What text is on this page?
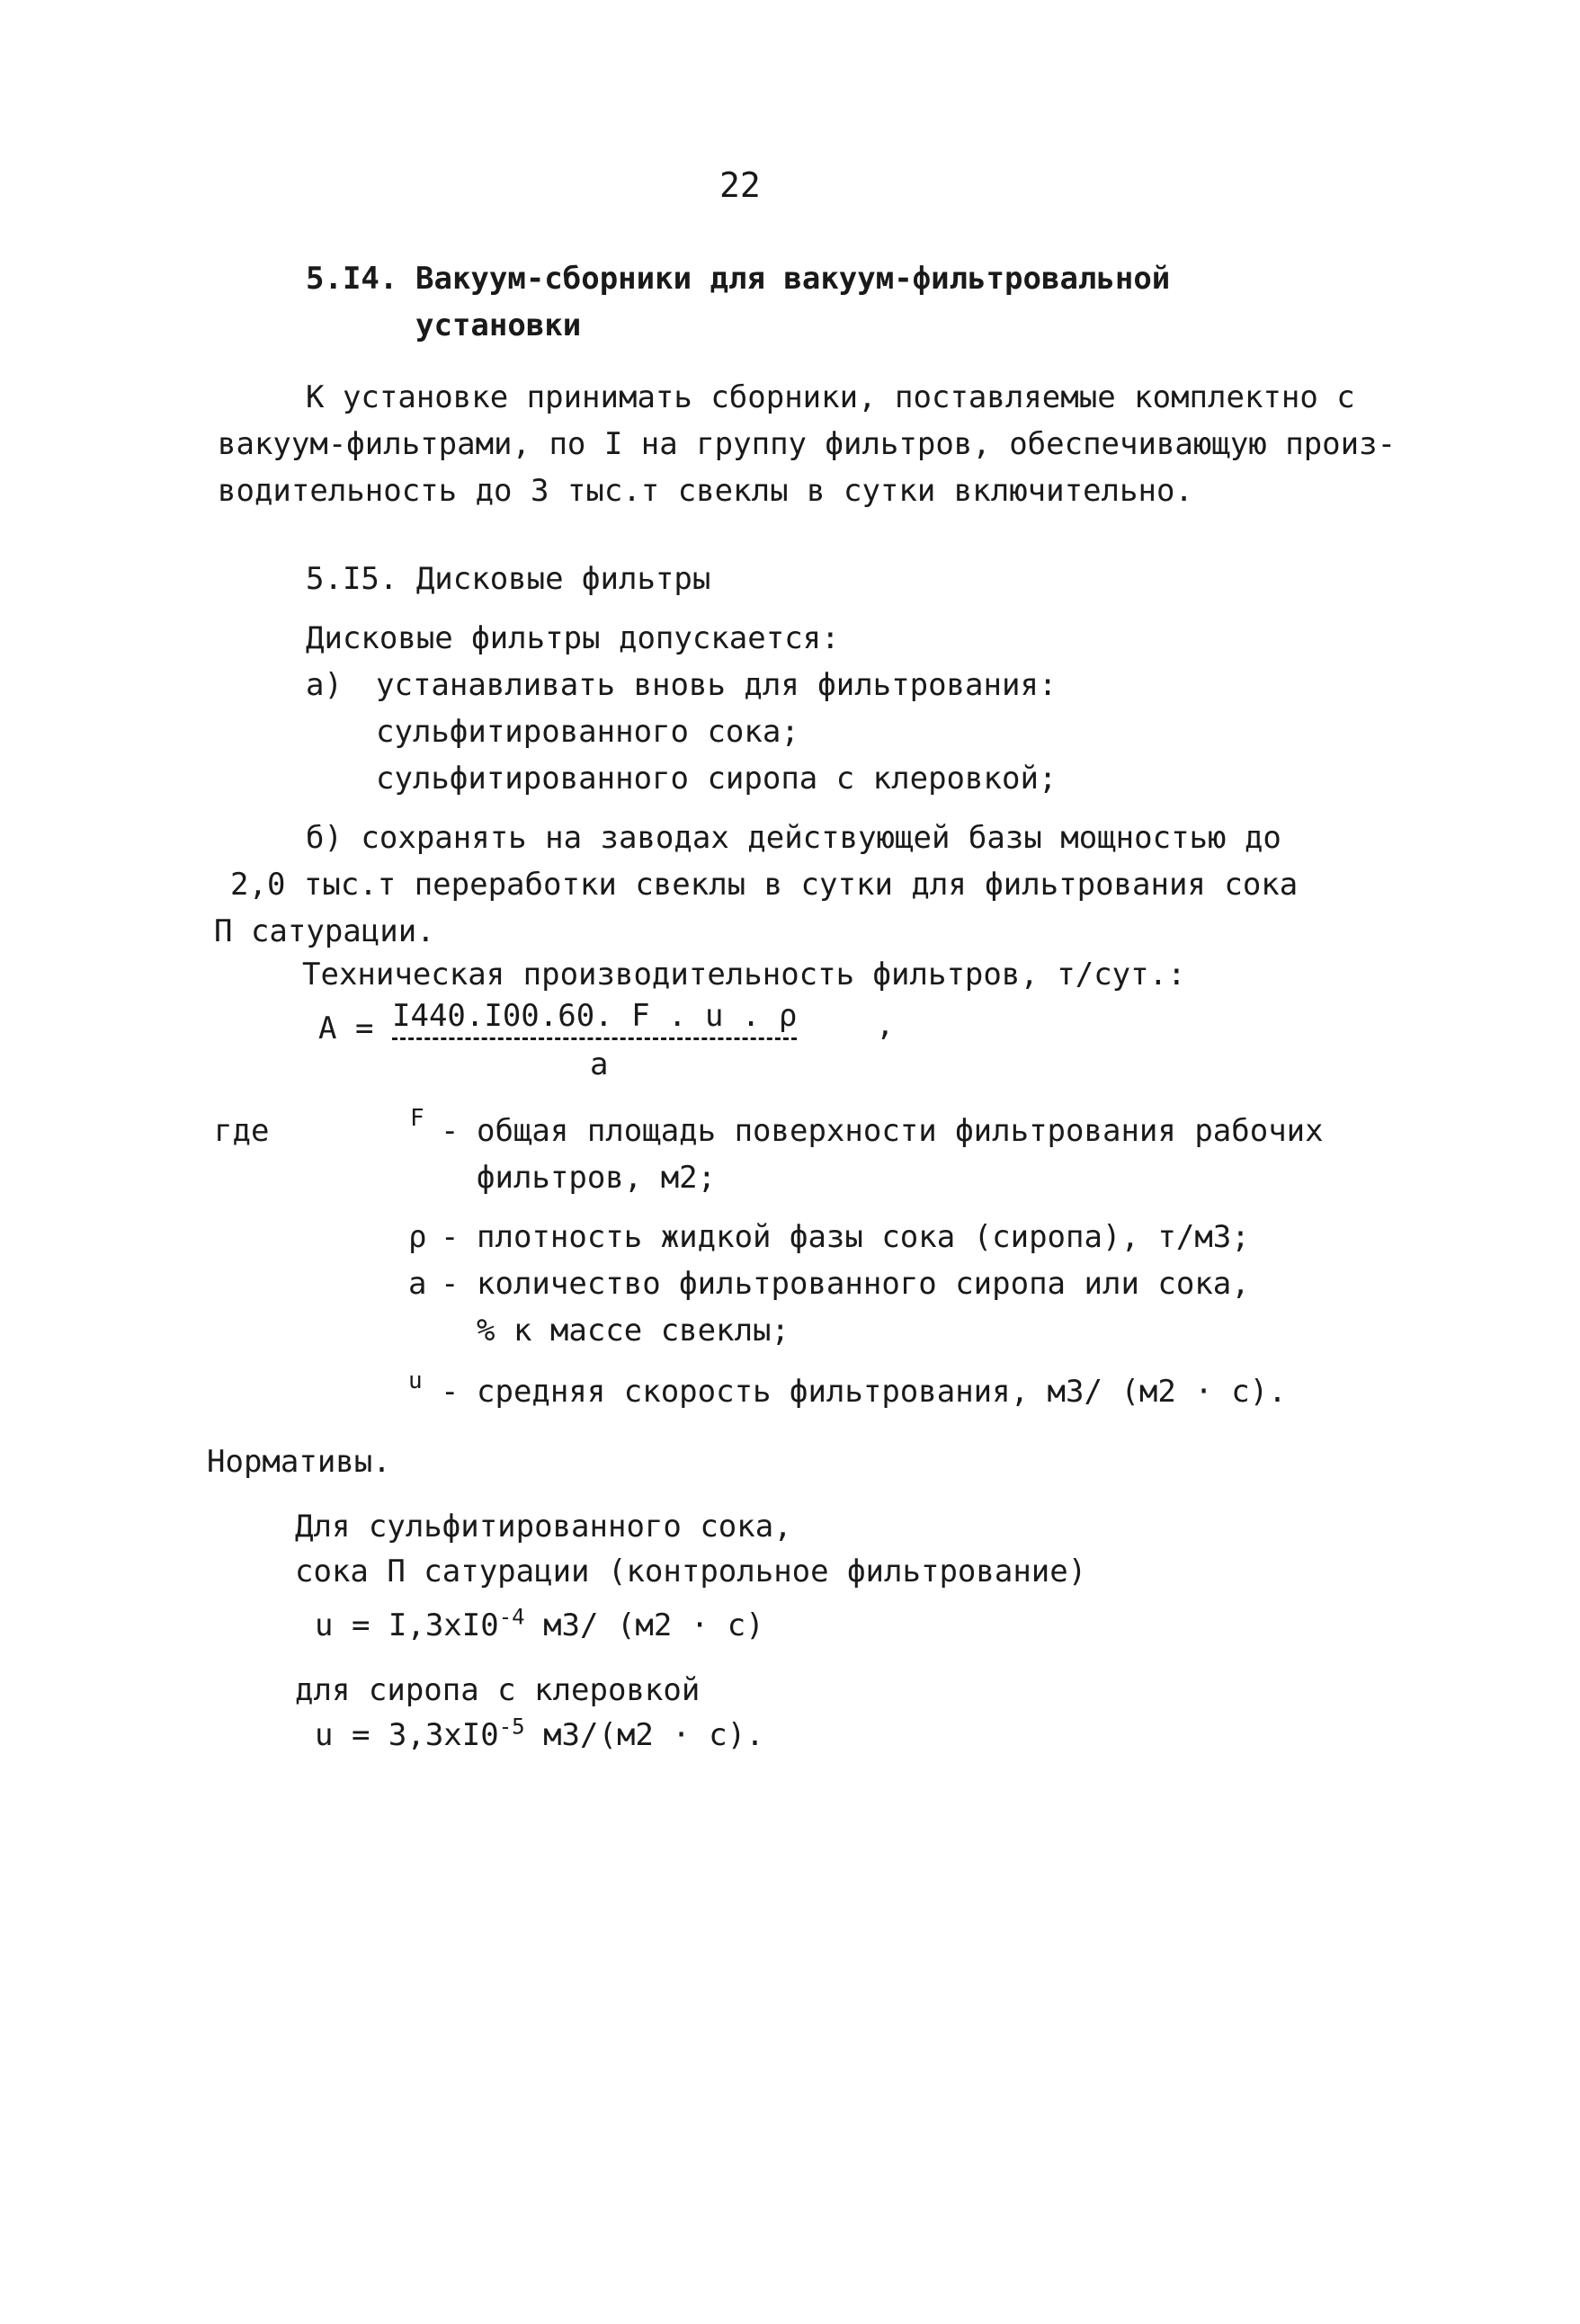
22
5.I4. Вакуум-сборники для вакуум-фильтровальной
установки
К установке принимать сборники, поставляемые комплектно с
вакуум-фильтрами, по I на группу фильтров, обеспечивающую произ-
водительность до 3 тыс.т свеклы в сутки включительно.
5.I5. Дисковые фильтры
Дисковые фильтры допускается:
а) устанавливать вновь для фильтрования:
сульфитированного сока;
сульфитированного сиропа с клеровкой;
б) сохранять на заводах действующей базы мощностью до
2,0 тыс.т переработки свеклы в сутки для фильтрования сока
П сатурации.
Техническая производительность фильтров, т/сут.:
А = I440.I00.60. F . u . ρ	,
а
где	F - общая площадь поверхности фильтрования рабочих
фильтров, м2;
ρ - плотность жидкой фазы сока (сиропа), т/м3;
а - количество фильтрованного сиропа или сока,
% к массе свеклы;
u - средняя скорость фильтрования, м3/ (м2 · с).
Нормативы.
Для сульфитированного сока,
сока П сатурации (контрольное фильтрование)
$u = I,3хI0^{-4}$ м3/ (м2 · с)
для сиропа с клеровкой
$u = 3,3хI0^{-5}$ м3/(м2 · с).
